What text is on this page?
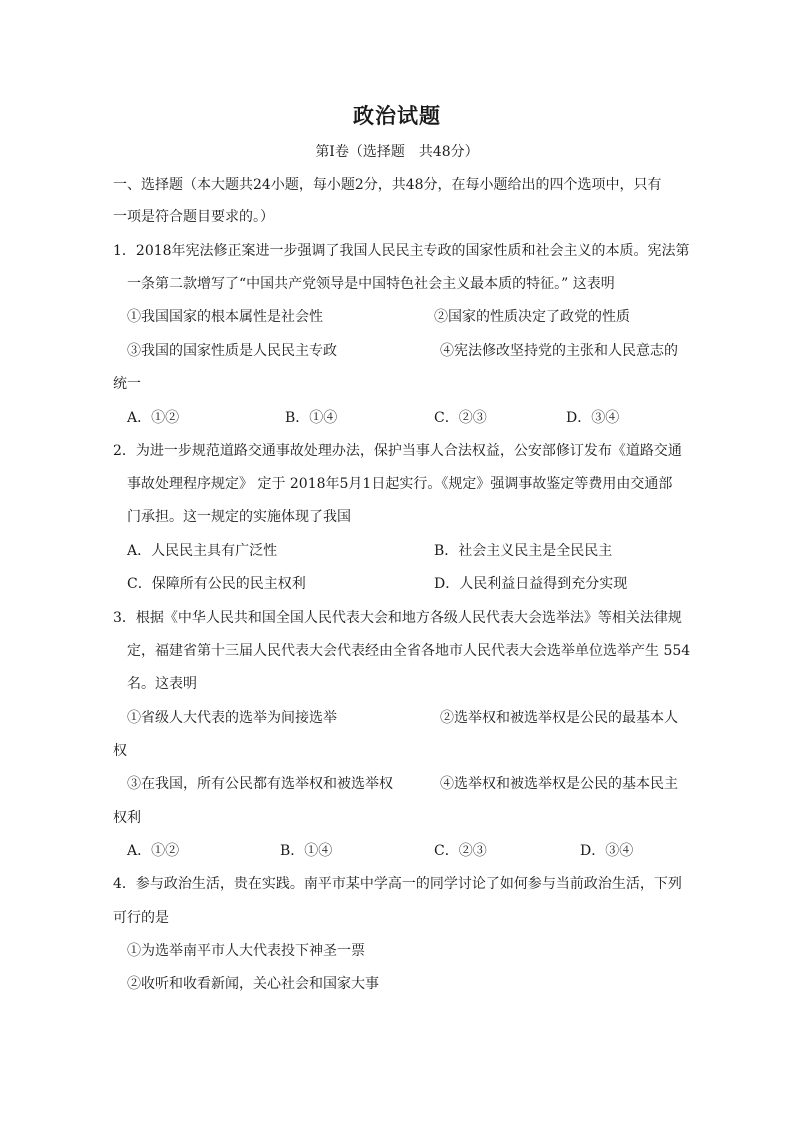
政治试题
第Ⅰ卷（选择题　共48分）
一、选择题（本大题共24小题，每小题2分，共48分，在每小题给出的四个选项中，只有
一项是符合题目要求的。）
1．2018年宪法修正案进一步强调了我国人民民主专政的国家性质和社会主义的本质。宪法第
一条第二款增写了“中国共产党领导是中国特色社会主义最本质的特征。” 这表明
①我国国家的根本属性是社会性	②国家的性质决定了政党的性质
③我国的国家性质是人民民主专政	④宪法修改坚持党的主张和人民意志的
统一
A．①②	B．①④	C．②③	D．③④
2．为进一步规范道路交通事故处理办法，保护当事人合法权益，公安部修订发布《道路交通
事故处理程序规定》 定于 2018年5月1日起实行。《规定》强调事故鉴定等费用由交通部
门承担。这一规定的实施体现了我国
A．人民民主具有广泛性	B．社会主义民主是全民民主
C．保障所有公民的民主权利	D．人民利益日益得到充分实现
3．根据《中华人民共和国全国人民代表大会和地方各级人民代表大会选举法》等相关法律规
定，福建省第十三届人民代表大会代表经由全省各地市人民代表大会选举单位选举产生 554
名。这表明
①省级人大代表的选举为间接选举	②选举权和被选举权是公民的最基本人
权
③在我国，所有公民都有选举权和被选举权	④选举权和被选举权是公民的基本民主
权利
A．①②	B．①④	C．②③	D．③④
4．参与政治生活，贵在实践。南平市某中学高一的同学讨论了如何参与当前政治生活，下列
可行的是
①为选举南平市人大代表投下神圣一票
②收听和收看新闻，关心社会和国家大事
